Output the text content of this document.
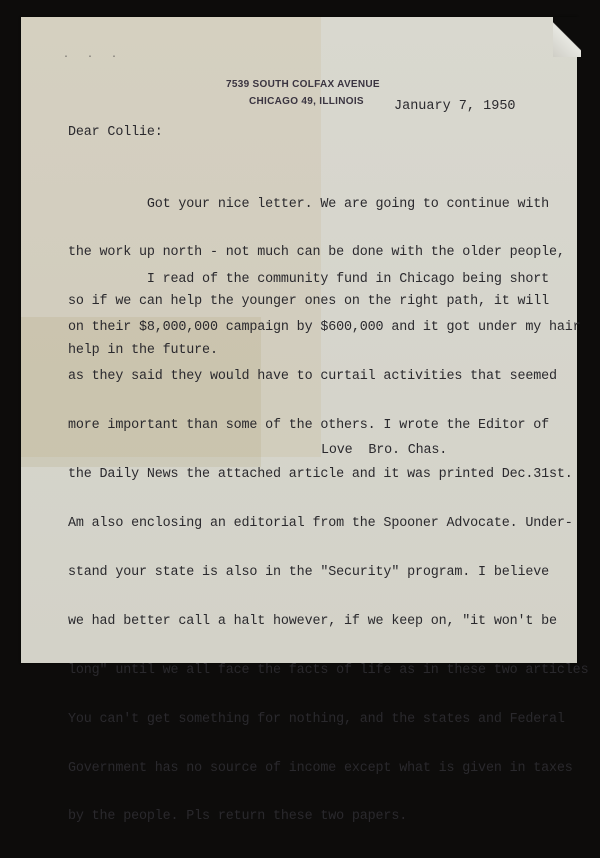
. . .
7539 SOUTH COLFAX AVENUE
CHICAGO 49, ILLINOIS January 7, 1950
Dear Collie:

Got your nice letter. We are going to continue with

the work up north - not much can be done with the older people,

so if we can help the younger ones on the right path, it will

help in the future.

I read of the community fund in Chicago being short

on their $8,000,000 campaign by $600,000 and it got under my hair

as they said they would have to curtail activities that seemed

more important than some of the others. I wrote the Editor of

the Daily News the attached article and it was printed Dec.31st.

Am also enclosing an editorial from the Spooner Advocate. Under-

stand your state is also in the "Security" program. I believe

we had better call a halt however, if we keep on, "it won't be

long" until we all face the facts of life as in these two articles

You can't get something for nothing, and the states and Federal

Government has no source of income except what is given in taxes

by the people. Pls return these two papers.

Love  Bro. Chas.
